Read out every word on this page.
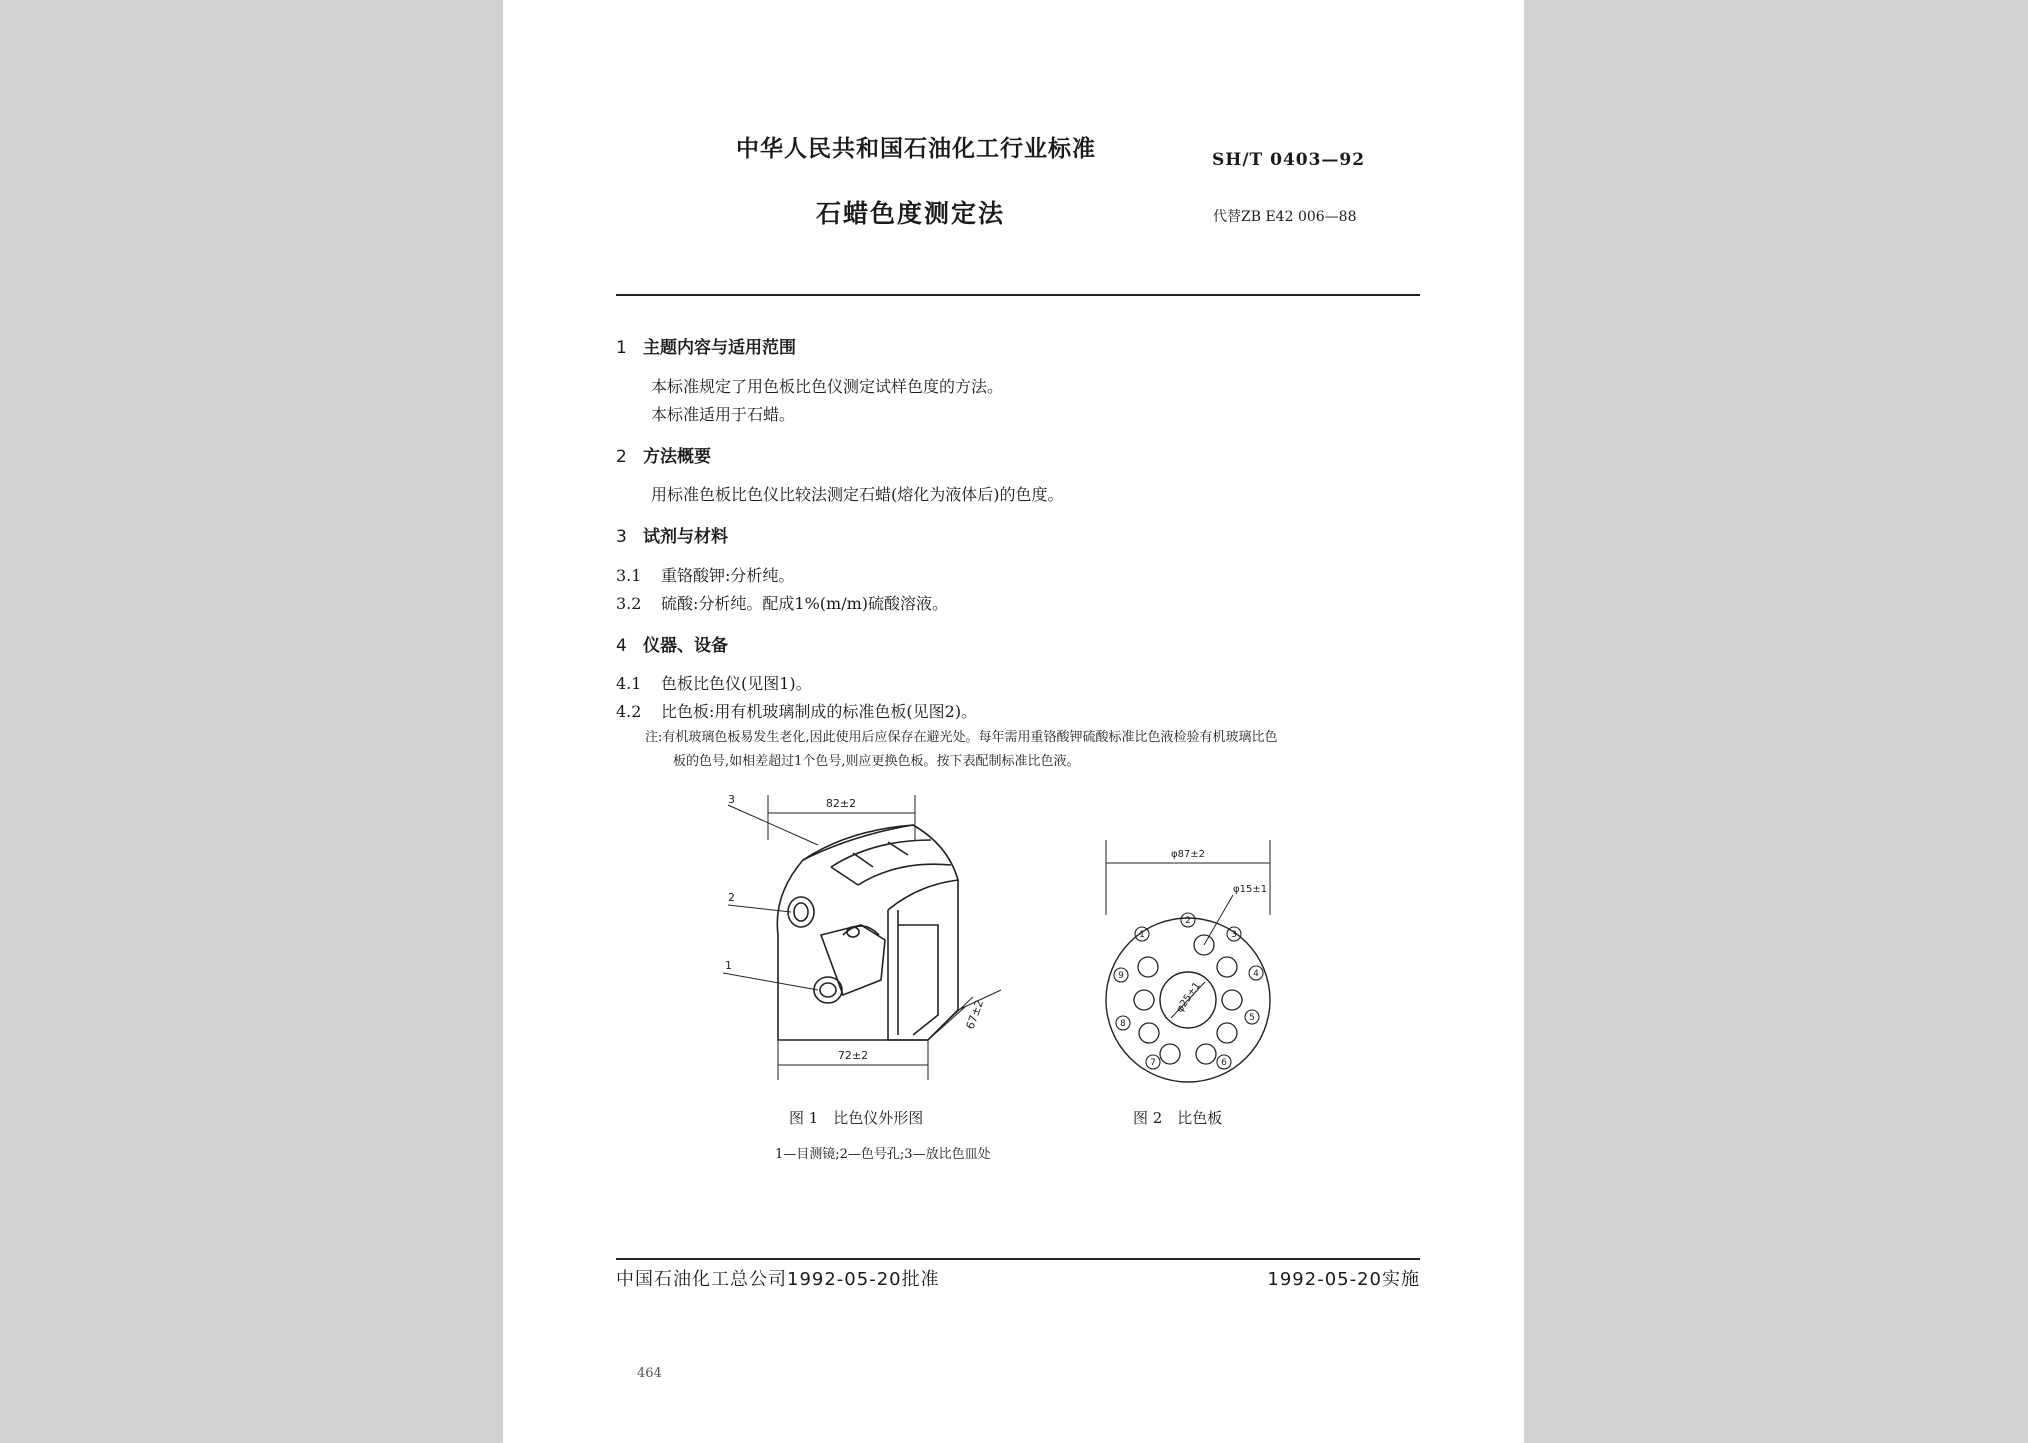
中华人民共和国石油化工行业标准	SH/T 0403—92
石蜡色度测定法	代替ZB E42 006—88
1 主题内容与适用范围
本标准规定了用色板比色仪测定试样色度的方法。
本标准适用于石蜡。
2 方法概要
用标准色板比色仪比较法测定石蜡(熔化为液体后)的色度。
3 试剂与材料
3.1 重铬酸钾:分析纯。
3.2 硫酸:分析纯。配成1%(m/m)硫酸溶液。
4 仪器、设备
4.1 色板比色仪(见图1)。
4.2 比色板:用有机玻璃制成的标准色板(见图2)。
注:有机玻璃色板易发生老化,因此使用后应保存在避光处。每年需用重铬酸钾硫酸标准比色液检验有机玻璃比色
板的色号,如相差超过1个色号,则应更换色板。按下表配制标准比色液。
82±2
72±2
67±2
3
2
1
1
2
3
4
5
6
7
8
9
φ87±2
φ15±1
φ25±1
图 1　比色仪外形图	图 2　比色板
1—目测镜;2—色号孔;3—放比色皿处
中国石油化工总公司1992-05-20批准	1992-05-20实施
464
